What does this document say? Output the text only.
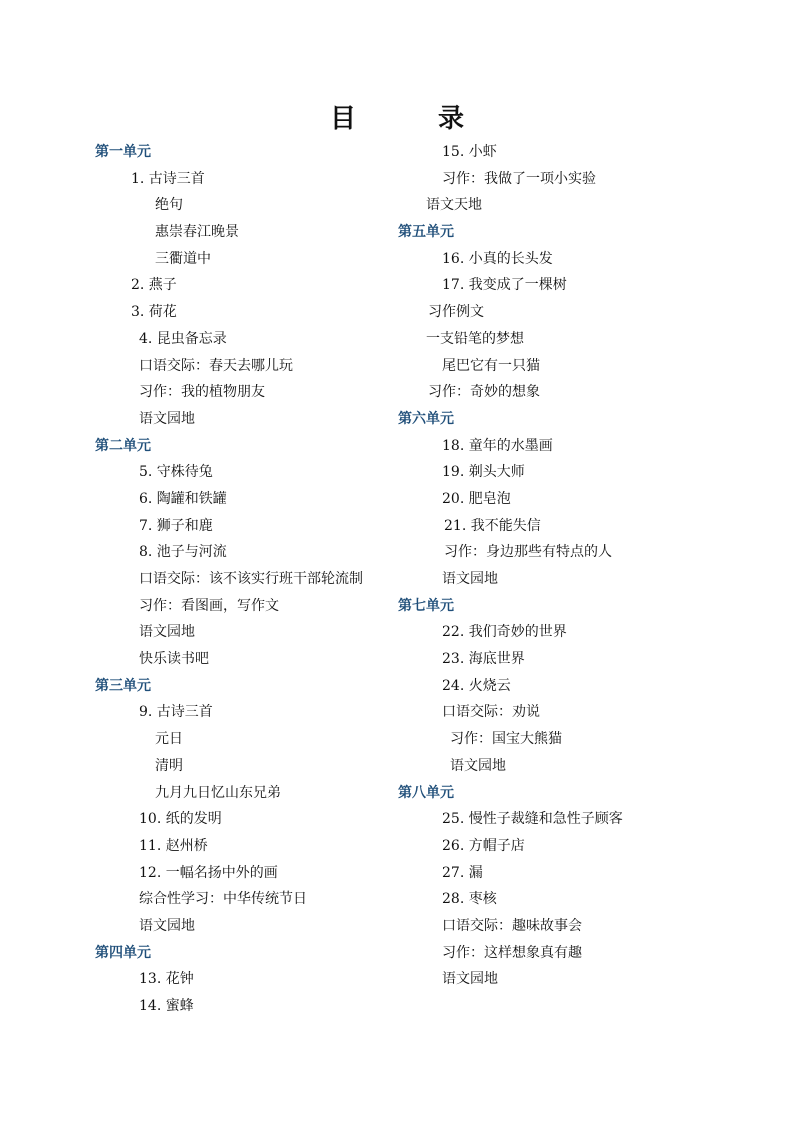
目　录
第一单元
1. 古诗三首
绝句
惠崇春江晚景
三衢道中
2. 燕子
3. 荷花
4. 昆虫备忘录
口语交际：春天去哪儿玩
习作：我的植物朋友
语文园地
第二单元
5. 守株待兔
6. 陶罐和铁罐
7. 狮子和鹿
8. 池子与河流
口语交际：该不该实行班干部轮流制
习作：看图画，写作文
语文园地
快乐读书吧
第三单元
9. 古诗三首
元日
清明
九月九日忆山东兄弟
10. 纸的发明
11. 赵州桥
12. 一幅名扬中外的画
综合性学习：中华传统节日
语文园地
第四单元
13. 花钟
14. 蜜蜂
15. 小虾
习作：我做了一项小实验
语文天地
第五单元
16. 小真的长头发
17. 我变成了一棵树
习作例文
一支铅笔的梦想
尾巴它有一只猫
习作：奇妙的想象
第六单元
18. 童年的水墨画
19. 剃头大师
20. 肥皂泡
21. 我不能失信
习作：身边那些有特点的人
语文园地
第七单元
22. 我们奇妙的世界
23. 海底世界
24. 火烧云
口语交际：劝说
习作：国宝大熊猫
语文园地
第八单元
25. 慢性子裁缝和急性子顾客
26. 方帽子店
27. 漏
28. 枣核
口语交际：趣味故事会
习作：这样想象真有趣
语文园地
